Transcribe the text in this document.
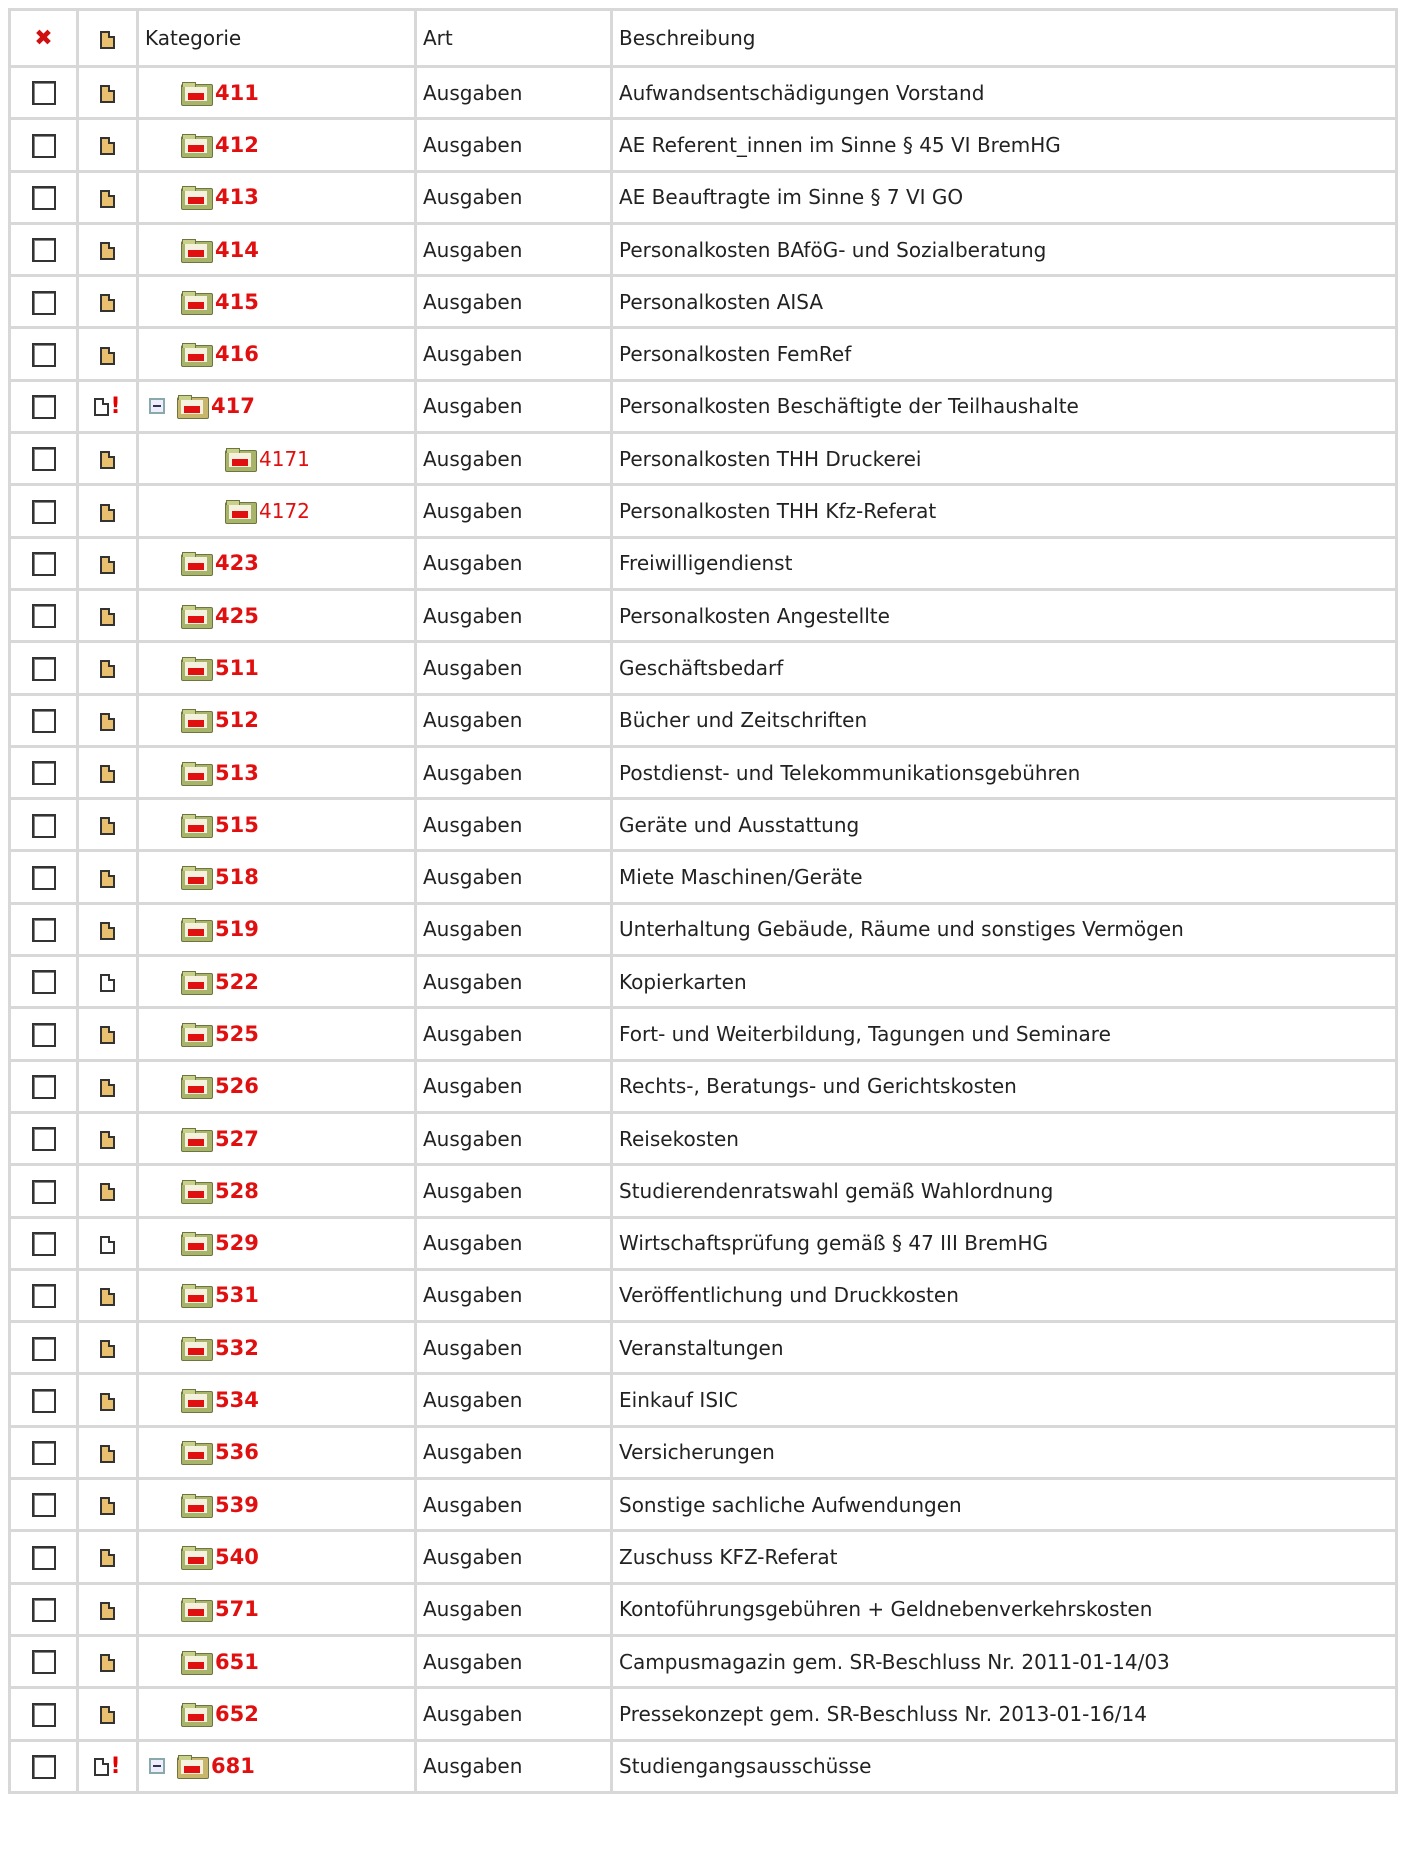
✖		Kategorie	Art	Beschreibung

		411	Ausgaben	Aufwandsentschädigungen Vorstand

		412	Ausgaben	AE Referent_innen im Sinne § 45 VI BremHG

		413	Ausgaben	AE Beauftragte im Sinne § 7 VI GO

		414	Ausgaben	Personalkosten BAföG- und Sozialberatung

		415	Ausgaben	Personalkosten AISA

		416	Ausgaben	Personalkosten FemRef
	!	417	Ausgaben	Personalkosten Beschäftigte der Teilhaushalte

		4171	Ausgaben	Personalkosten THH Druckerei

		4172	Ausgaben	Personalkosten THH Kfz-Referat

		423	Ausgaben	Freiwilligendienst

		425	Ausgaben	Personalkosten Angestellte

		511	Ausgaben	Geschäftsbedarf

		512	Ausgaben	Bücher und Zeitschriften

		513	Ausgaben	Postdienst- und Telekommunikationsgebühren

		515	Ausgaben	Geräte und Ausstattung

		518	Ausgaben	Miete Maschinen/Geräte

		519	Ausgaben	Unterhaltung Gebäude, Räume und sonstiges Vermögen

		522	Ausgaben	Kopierkarten

		525	Ausgaben	Fort- und Weiterbildung, Tagungen und Seminare

		526	Ausgaben	Rechts-, Beratungs- und Gerichtskosten

		527	Ausgaben	Reisekosten

		528	Ausgaben	Studierendenratswahl gemäß Wahlordnung

		529	Ausgaben	Wirtschaftsprüfung gemäß § 47 III BremHG

		531	Ausgaben	Veröffentlichung und Druckkosten

		532	Ausgaben	Veranstaltungen

		534	Ausgaben	Einkauf ISIC

		536	Ausgaben	Versicherungen

		539	Ausgaben	Sonstige sachliche Aufwendungen

		540	Ausgaben	Zuschuss KFZ-Referat

		571	Ausgaben	Kontoführungsgebühren + Geldnebenverkehrskosten

		651	Ausgaben	Campusmagazin gem. SR-Beschluss Nr. 2011-01-14/03

		652	Ausgaben	Pressekonzept gem. SR-Beschluss Nr. 2013-01-16/14
	!	681	Ausgaben	Studiengangsausschüsse
